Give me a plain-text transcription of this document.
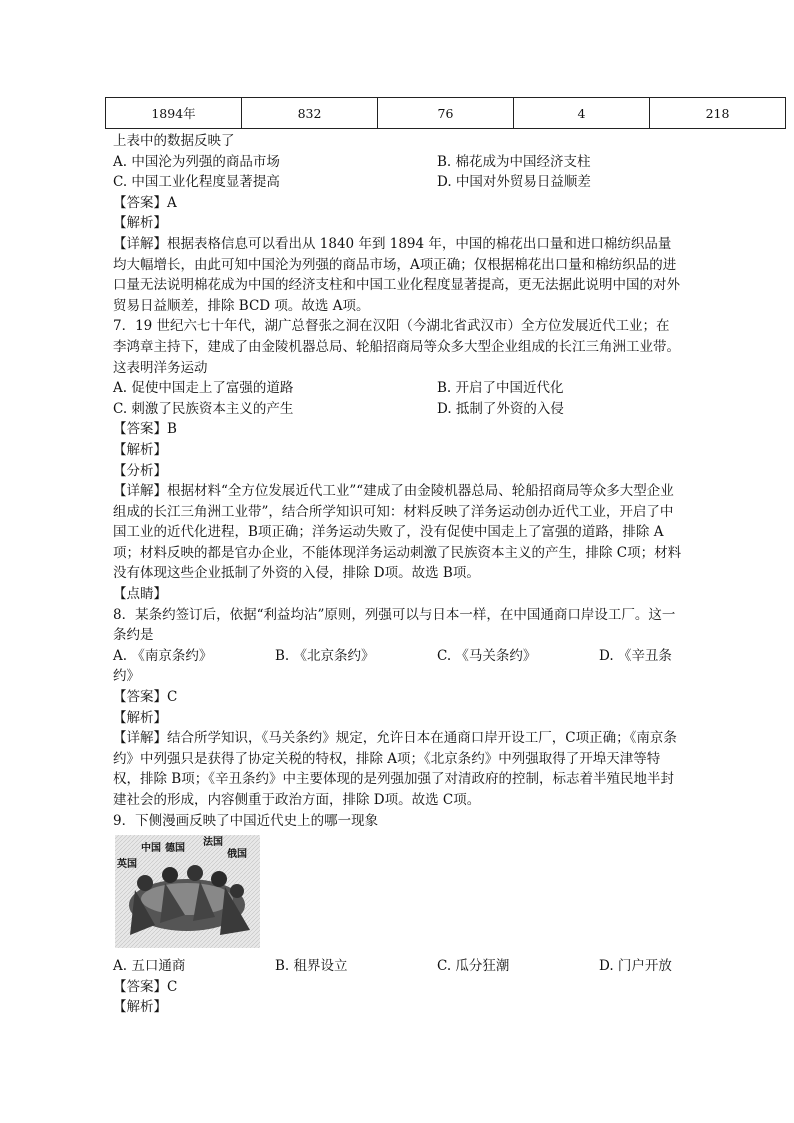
1894年	832	76	4	218
上表中的数据反映了
A. 中国沦为列强的商品市场	B. 棉花成为中国经济支柱
C. 中国工业化程度显著提高	D. 中国对外贸易日益顺差
【答案】A
【解析】
【详解】根据表格信息可以看出从 1840 年到 1894 年，中国的棉花出口量和进口棉纺织品量均大幅增长，由此可知中国沦为列强的商品市场，A项正确；仅根据棉花出口量和棉纺织品的进口量无法说明棉花成为中国的经济支柱和中国工业化程度显著提高，更无法据此说明中国的对外贸易日益顺差，排除 BCD 项。故选 A项。
7．19 世纪六七十年代，湖广总督张之洞在汉阳（今湖北省武汉市）全方位发展近代工业；在李鸿章主持下，建成了由金陵机器总局、轮船招商局等众多大型企业组成的长江三角洲工业带。这表明洋务运动
A. 促使中国走上了富强的道路	B. 开启了中国近代化
C. 刺激了民族资本主义的产生	D. 抵制了外资的入侵
【答案】B
【解析】
【分析】
【详解】根据材料“全方位发展近代工业”“建成了由金陵机器总局、轮船招商局等众多大型企业组成的长江三角洲工业带”，结合所学知识可知：材料反映了洋务运动创办近代工业，开启了中国工业的近代化进程，B项正确；洋务运动失败了，没有促使中国走上了富强的道路，排除 A项；材料反映的都是官办企业，不能体现洋务运动刺激了民族资本主义的产生，排除 C项；材料没有体现这些企业抵制了外资的入侵，排除 D项。故选 B项。
【点睛】
8．某条约签订后，依据“利益均沾”原则，列强可以与日本一样，在中国通商口岸设工厂。这一条约是
A. 《南京条约》	B. 《北京条约》	C. 《马关条约》	D. 《辛丑条
约》
【答案】C
【解析】
【详解】结合所学知识，《马关条约》规定，允许日本在通商口岸开设工厂，C项正确；《南京条约》中列强只是获得了协定关税的特权，排除 A项；《北京条约》中列强取得了开埠天津等特权，排除 B项；《辛丑条约》中主要体现的是列强加强了对清政府的控制，标志着半殖民地半封建社会的形成，内容侧重于政治方面，排除 D项。故选 C项。
9．下侧漫画反映了中国近代史上的哪一现象
中国 德国
法国
俄国
英国
A. 五口通商	B. 租界设立	C. 瓜分狂潮	D. 门户开放
【答案】C
【解析】
